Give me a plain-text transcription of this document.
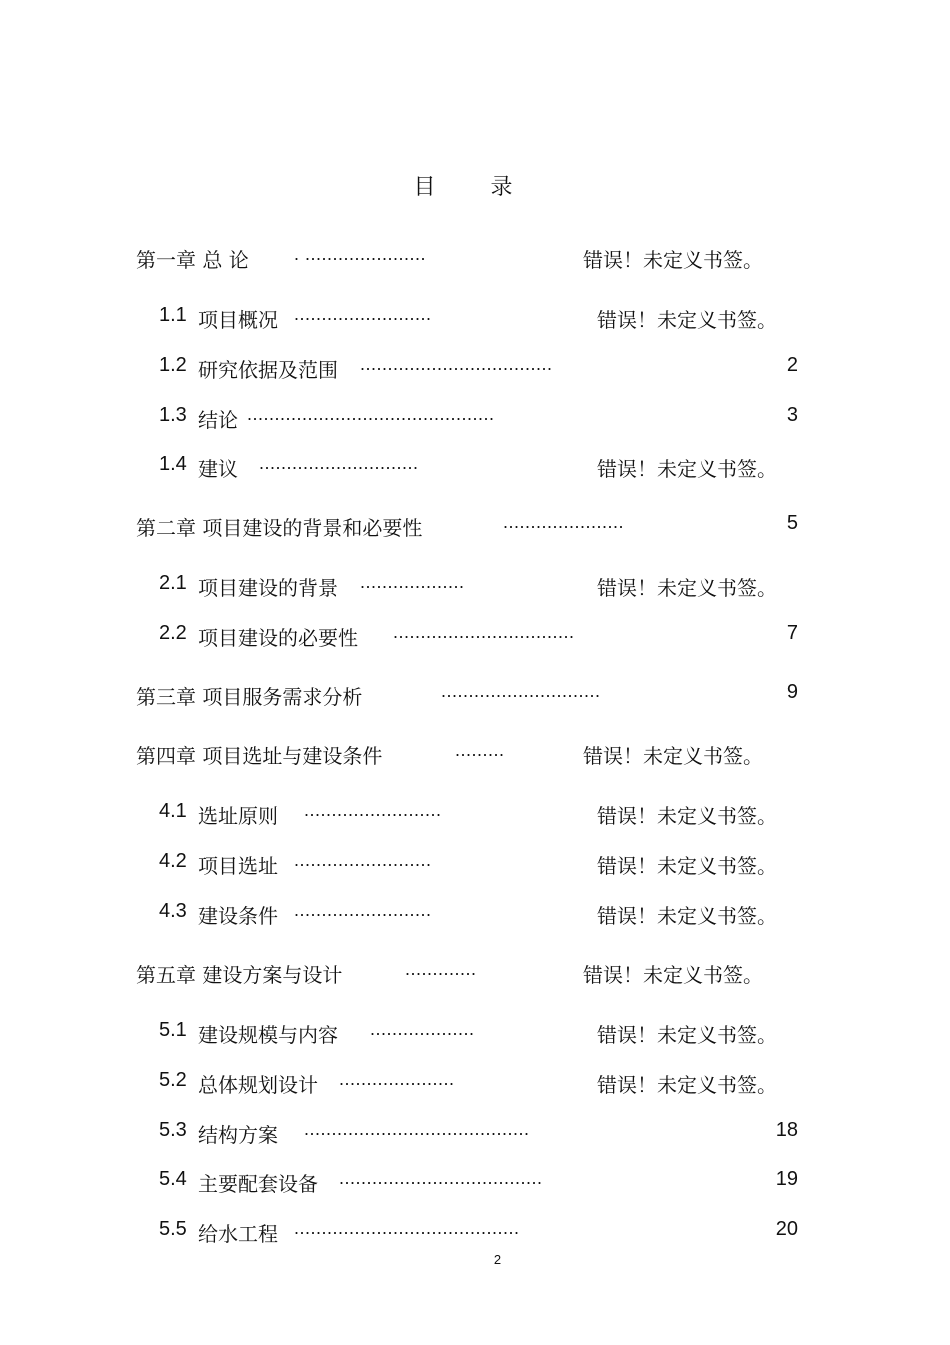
目 录
第一章 总 论	. ......................	错误！未定义书签。
1.1 项目概况 .........................	错误！未定义书签。
1.2 研究依据及范围 ...................................	2
1.3 结论 .............................................	3
1.4 建议 .............................	错误！未定义书签。
第二章 项目建设的背景和必要性	......................	5
2.1 项目建设的背景 ...................	错误！未定义书签。
2.2 项目建设的必要性 .................................	7
第三章 项目服务需求分析	.............................	9
第四章 项目选址与建设条件	.........	错误！未定义书签。
4.1 选址原则 .........................	错误！未定义书签。
4.2 项目选址 .........................	错误！未定义书签。
4.3 建设条件 .........................	错误！未定义书签。
第五章 建设方案与设计	.............	错误！未定义书签。
5.1 建设规模与内容 ...................	错误！未定义书签。
5.2 总体规划设计 .....................	错误！未定义书签。
5.3 结构方案 .........................................	18
5.4 主要配套设备 .....................................	19
5.5 给水工程 .........................................	20
2
